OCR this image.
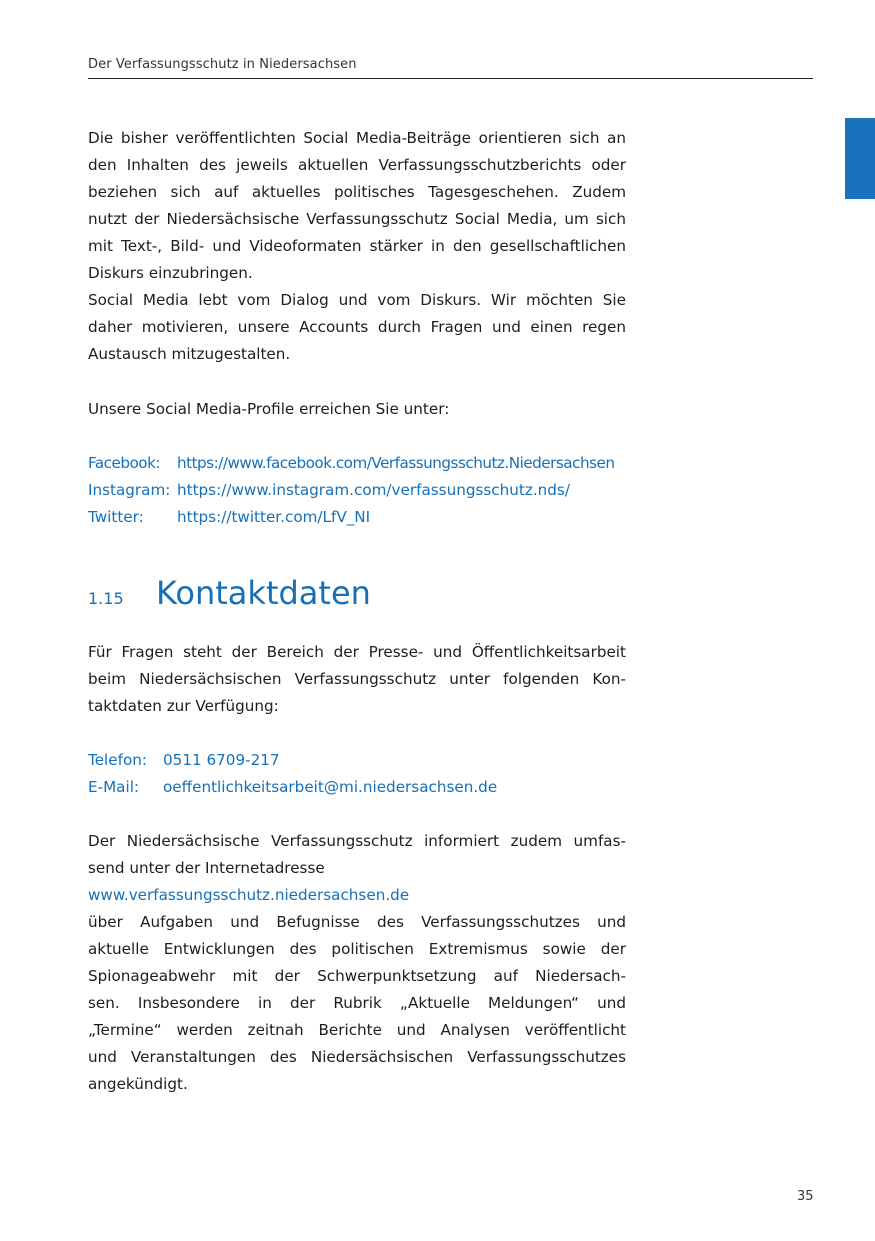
Der Verfassungsschutz in Niedersachsen
Die bisher veröffentlichten Social Media-Beiträge orientieren sich an
den Inhalten des jeweils aktuellen Verfassungsschutzberichts oder
beziehen sich auf aktuelles politisches Tagesgeschehen. Zudem
nutzt der Niedersächsische Verfassungsschutz Social Media, um sich
mit Text-, Bild- und Videoformaten stärker in den gesellschaftlichen
Diskurs einzubringen.
Social Media lebt vom Dialog und vom Diskurs. Wir möchten Sie
daher motivieren, unsere Accounts durch Fragen und einen regen
Austausch mitzugestalten.
Unsere Social Media-Profile erreichen Sie unter:
Facebook: https://www.facebook.com/Verfassungsschutz.Niedersachsen
Instagram: https://www.instagram.com/verfassungsschutz.nds/
Twitter: https://twitter.com/LfV_NI
1.15 Kontaktdaten
Für Fragen steht der Bereich der Presse- und Öffentlichkeitsarbeit
beim Niedersächsischen Verfassungsschutz unter folgenden Kon-
taktdaten zur Verfügung:
Telefon: 0511 6709-217
E-Mail: oeffentlichkeitsarbeit@mi.niedersachsen.de
Der Niedersächsische Verfassungsschutz informiert zudem umfas-
send unter der Internetadresse
www.verfassungsschutz.niedersachsen.de
über Aufgaben und Befugnisse des Verfassungsschutzes und
aktuelle Entwicklungen des politischen Extremismus sowie der
Spionageabwehr mit der Schwerpunktsetzung auf Niedersach-
sen. Insbesondere in der Rubrik „Aktuelle Meldungen“ und
„Termine“ werden zeitnah Berichte und Analysen veröffentlicht
und Veranstaltungen des Niedersächsischen Verfassungsschutzes
angekündigt.
35
